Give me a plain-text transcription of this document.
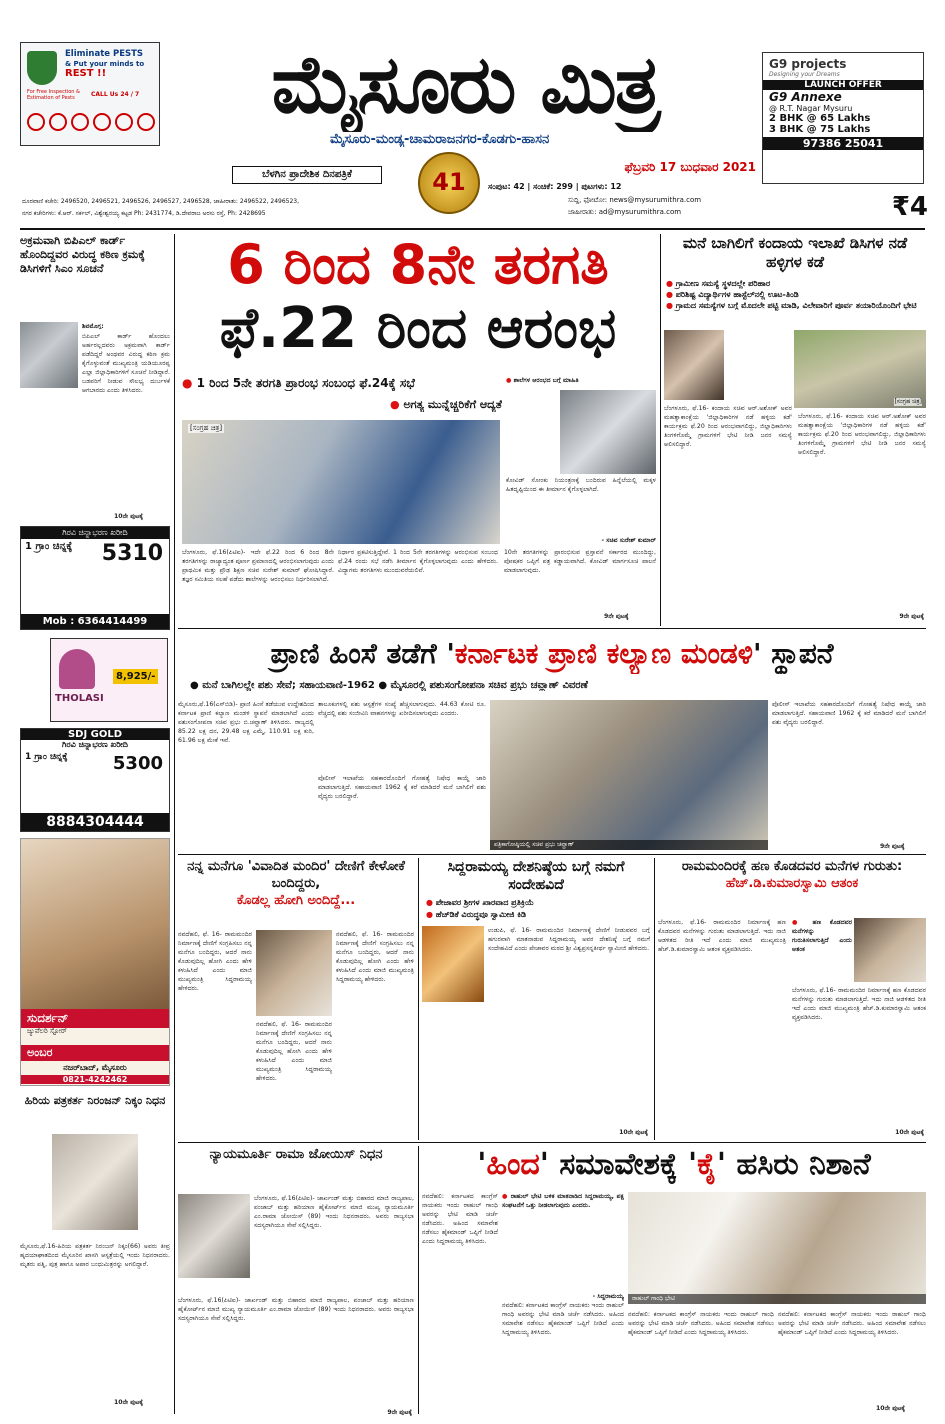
Eliminate PESTS
& Put your minds to
REST !!
For Free Inspection & Estimation of Pests	CALL Us 24 / 7	ಮೈಸೂರು ಮಿತ್ರ
ಮೈಸೂರು-ಮಂಡ್ಯ-ಚಾಮರಾಜನಗರ-ಕೊಡಗು-ಹಾಸನ
ಬೆಳಗಿನ ಪ್ರಾದೇಶಿಕ ದಿನಪತ್ರಿಕೆ
ಫೆಬ್ರವರಿ 17 ಬುಧವಾರ 2021
41
G9 projects
Designing your Dreams
LAUNCH OFFER
G9 Annexe
@ R.T. Nagar Mysuru
2 BHK @ 65 Lakhs
3 BHK @ 75 Lakhs
97386 25041
ಸಂಪುಟ: 42 | ಸಂಚಿಕೆ: 299 | ಪುಟಗಳು: 12
ಸುದ್ದಿ, ಫೋಟೋ: news@mysurumithra.com
ಜಾಹೀರಾತು: ad@mysurumithra.com	₹4
ದೂರವಾಣಿ ಕಚೇರಿ: 2496520, 2496521, 2496526, 2496527, 2496528, ಜಾಹೀರಾತು: 2496522, 2496523,
ನಗರ ಕಚೇರಿಗಳು: ಕೆ.ಆರ್. ಸರ್ಕಲ್, ವಿಶ್ವೇಶ್ವರಯ್ಯ ಕಟ್ಟಡ Ph: 2431774, ಡಿ.ದೇವರಾಜ ಅರಸು ರಸ್ತೆ, Ph: 2428695
ಅಕ್ರಮವಾಗಿ ಬಿಪಿಎಲ್ ಕಾರ್ಡ್ ಹೊಂದಿದ್ದವರ ವಿರುದ್ಧ ಕಠಿಣ ಕ್ರಮಕ್ಕೆ ಡಿಸಿಗಳಿಗೆ ಸಿಎಂ ಸೂಚನೆ
ಶಿವಮೊಗ್ಗ:
ಬಿಪಿಎಲ್ ಕಾರ್ಡ್ ಹೊಂದಲು ಅರ್ಹರಲ್ಲದವರು ಅಕ್ರಮವಾಗಿ ಕಾರ್ಡ್ ಪಡೆದಿದ್ದರೆ ಅಂಥವರ ವಿರುದ್ಧ ಕಠಿಣ ಕ್ರಮ ಕೈಗೊಳ್ಳುವಂತೆ ಮುಖ್ಯಮಂತ್ರಿ ಯಡಿಯೂರಪ್ಪ ಎಲ್ಲಾ ಜಿಲ್ಲಾಧಿಕಾರಿಗಳಿಗೆ ಸೂಚನೆ ನೀಡಿದ್ದಾರೆ. ಬಡವರಿಗೆ ನೀಡುವ ಸೌಲಭ್ಯ ದುರ್ಬಳಕೆ ಆಗಬಾರದು ಎಂದು ತಿಳಿಸಿದರು.
10ನೇ ಪುಟಕ್ಕೆ
ಗಿರವಿ ಚಿನ್ನಾಭರಣ ಖರೀದಿ
1 ಗ್ರಾಂ ಚಿನ್ನಕ್ಕೆ	5310
Mob : 6364414499
THOLASI
8,925/-
SDJ GOLD
ಗಿರವಿ ಚಿನ್ನಾಭರಣ ಖರೀದಿ
1 ಗ್ರಾಂ ಚಿನ್ನಕ್ಕೆ	5300
8884304444
ಸುದರ್ಶನ್
ಜ್ಯುವೆಲರಿ ಸ್ಟೋರ್
ಅಂಬರ
ನಜರ್‌ಬಾದ್, ಮೈಸೂರು
0821-4242462
ಹಿರಿಯ ಪತ್ರಕರ್ತ ನಿರಂಜನ್ ನಿಕ್ಕಂ ನಿಧನ
ಮೈಸೂರು,ಫೆ.16-ಹಿರಿಯ ಪತ್ರಕರ್ತ ನಿರಂಜನ್ ನಿಕ್ಕಂ(66) ಅವರು ತೀವ್ರ ಹೃದಯಾಘಾತದಿಂದ ಮೈಸೂರಿನ ಖಾಸಗಿ ಆಸ್ಪತ್ರೆಯಲ್ಲಿ ಇಂದು ನಿಧನರಾದರು. ಮೃತರು ಪತ್ನಿ, ಪುತ್ರ ಹಾಗೂ ಅಪಾರ ಬಂಧುಮಿತ್ರರನ್ನು ಅಗಲಿದ್ದಾರೆ.
10ನೇ ಪುಟಕ್ಕೆ
6 ರಿಂದ 8ನೇ ತರಗತಿ
ಫೆ.22 ರಿಂದ ಆರಂಭ
● 1 ರಿಂದ 5ನೇ ತರಗತಿ ಪ್ರಾರಂಭ ಸಂಬಂಧ ಫೆ.24ಕ್ಕೆ ಸಭೆ
● ಅಗತ್ಯ ಮುನ್ನೆಚ್ಚರಿಕೆಗೆ ಆದ್ಯತೆ
[ಸಂಗ್ರಹ ಚಿತ್ರ]
● ಶಾಲೆಗಳ ಆರಂಭದ ಬಗ್ಗೆ ಮಾಹಿತಿ
ಕೋವಿಡ್ ಸೋಂಕು ನಿಯಂತ್ರಣಕ್ಕೆ ಬಂದಿರುವ ಹಿನ್ನೆಲೆಯಲ್ಲಿ ಮಕ್ಕಳ ಹಿತದೃಷ್ಟಿಯಿಂದ ಈ ತೀರ್ಮಾನ ಕೈಗೊಳ್ಳಲಾಗಿದೆ.
- ಸಚಿವ ಸುರೇಶ್ ಕುಮಾರ್
ಬೆಂಗಳೂರು, ಫೆ.16(ಪಿಟಿಐ)- ಇದೇ ಫೆ.22 ರಿಂದ 6 ರಿಂದ 8ನೇ ತರಗತಿಗಳನ್ನು ರಾಜ್ಯಾದ್ಯಂತ ಪೂರ್ಣ ಪ್ರಮಾಣದಲ್ಲಿ ಆರಂಭಿಸಲಾಗುವುದು ಎಂದು ಪ್ರಾಥಮಿಕ ಮತ್ತು ಪ್ರೌಢ ಶಿಕ್ಷಣ ಸಚಿವ ಸುರೇಶ್ ಕುಮಾರ್ ಘೋಷಿಸಿದ್ದಾರೆ. ತಜ್ಞರ ಸಮಿತಿಯ ಸಲಹೆ ಪಡೆದು ಶಾಲೆಗಳನ್ನು ಆರಂಭಿಸಲು ನಿರ್ಧರಿಸಲಾಗಿದೆ.
ನಿರ್ಧಾರ ಪ್ರಕಟಿಸುತ್ತಿದ್ದೇವೆ. 1 ರಿಂದ 5ನೇ ತರಗತಿಗಳನ್ನು ಆರಂಭಿಸುವ ಸಂಬಂಧ ಫೆ.24 ರಂದು ಸಭೆ ನಡೆಸಿ ತೀರ್ಮಾನ ಕೈಗೊಳ್ಳಲಾಗುವುದು ಎಂದು ಹೇಳಿದರು. ವಿದ್ಯಾಗಮ ತರಗತಿಗಳು ಮುಂದುವರೆಯಲಿವೆ.
10ನೇ ತರಗತಿಗಳನ್ನು ಪ್ರಾರಂಭಿಸುವ ಪ್ರಸ್ತಾವನೆ ಸರ್ಕಾರದ ಮುಂದಿದ್ದು, ಪೋಷಕರ ಒಪ್ಪಿಗೆ ಪತ್ರ ಕಡ್ಡಾಯವಾಗಿದೆ. ಕೋವಿಡ್ ಮಾರ್ಗಸೂಚಿ ಪಾಲನೆ ಮಾಡಲಾಗುವುದು.
9ನೇ ಪುಟಕ್ಕೆ
ಮನೆ ಬಾಗಿಲಿಗೆ ಕಂದಾಯ ಇಲಾಖೆ ಡಿಸಿಗಳ ನಡೆ ಹಳ್ಳಿಗಳ ಕಡೆ
● ಗ್ರಾಮೀಣ ಸಮಸ್ಯೆ ಸ್ಥಳದಲ್ಲೇ ಪರಿಹಾರ
● ಪರಿಶಿಷ್ಟ ವಿದ್ಯಾರ್ಥಿಗಳ ಹಾಸ್ಟೆಲ್‌ನಲ್ಲಿ ಊಟ-ತಿಂಡಿ
● ಗ್ರಾಮದ ಸಮಸ್ಯೆಗಳ ಬಗ್ಗೆ ಮೊದಲೇ ಪಟ್ಟಿ ಮಾಡಿ, ವಿಲೇವಾರಿಗೆ ಪೂರ್ವ ತಯಾರಿಯೊಂದಿಗೆ ಭೇಟಿ
ಬೆಂಗಳೂರು, ಫೆ.16- ಕಂದಾಯ ಸಚಿವ ಆರ್.ಅಶೋಕ್ ಅವರ ಮಹತ್ವಾಕಾಂಕ್ಷೆಯ 'ಜಿಲ್ಲಾಧಿಕಾರಿಗಳ ನಡೆ ಹಳ್ಳಿಯ ಕಡೆ' ಕಾರ್ಯಕ್ರಮ ಫೆ.20 ರಿಂದ ಆರಂಭವಾಗಲಿದ್ದು, ಜಿಲ್ಲಾಧಿಕಾರಿಗಳು ತಿಂಗಳಿಗೊಮ್ಮೆ ಗ್ರಾಮಗಳಿಗೆ ಭೇಟಿ ನೀಡಿ ಜನರ ಸಮಸ್ಯೆ ಆಲಿಸಲಿದ್ದಾರೆ.
[ಸಂಗ್ರಹ ಚಿತ್ರ]
ಬೆಂಗಳೂರು, ಫೆ.16- ಕಂದಾಯ ಸಚಿವ ಆರ್.ಅಶೋಕ್ ಅವರ ಮಹತ್ವಾಕಾಂಕ್ಷೆಯ 'ಜಿಲ್ಲಾಧಿಕಾರಿಗಳ ನಡೆ ಹಳ್ಳಿಯ ಕಡೆ' ಕಾರ್ಯಕ್ರಮ ಫೆ.20 ರಿಂದ ಆರಂಭವಾಗಲಿದ್ದು, ಜಿಲ್ಲಾಧಿಕಾರಿಗಳು ತಿಂಗಳಿಗೊಮ್ಮೆ ಗ್ರಾಮಗಳಿಗೆ ಭೇಟಿ ನೀಡಿ ಜನರ ಸಮಸ್ಯೆ ಆಲಿಸಲಿದ್ದಾರೆ.
9ನೇ ಪುಟಕ್ಕೆ
ಪ್ರಾಣಿ ಹಿಂಸೆ ತಡೆಗೆ 'ಕರ್ನಾಟಕ ಪ್ರಾಣಿ ಕಲ್ಯಾಣ ಮಂಡಳಿ' ಸ್ಥಾಪನೆ
● ಮನೆ ಬಾಗಿಲಲ್ಲೇ ಪಶು ಸೇವೆ; ಸಹಾಯವಾಣಿ-1962 ● ಮೈಸೂರಲ್ಲಿ ಪಶುಸಂಗೋಪನಾ ಸಚಿವ ಪ್ರಭು ಚವ್ಹಾಣ್ ವಿವರಣೆ
ಮೈಸೂರು,ಫೆ.16(ಎಸ್‌ಬಿಡಿ)- ಪ್ರಾಣಿ ಹಿಂಸೆ ತಡೆಯುವ ಉದ್ದೇಶದಿಂದ ಕರ್ನಾಟಕ ಪ್ರಾಣಿ ಕಲ್ಯಾಣ ಮಂಡಳಿ ಸ್ಥಾಪನೆ ಮಾಡಲಾಗಿದೆ ಎಂದು ಪಶುಸಂಗೋಪನಾ ಸಚಿವ ಪ್ರಭು ಬಿ.ಚವ್ಹಾಣ್ ತಿಳಿಸಿದರು. ರಾಜ್ಯದಲ್ಲಿ 85.22 ಲಕ್ಷ ದನ, 29.48 ಲಕ್ಷ ಎಮ್ಮೆ, 110.91 ಲಕ್ಷ ಕುರಿ, 61.96 ಲಕ್ಷ ಮೇಕೆ ಇವೆ.
ತಾಲೂಕುಗಳಲ್ಲಿ ಪಶು ಆಸ್ಪತ್ರೆಗಳ ಸಂಖ್ಯೆ ಹೆಚ್ಚಿಸಲಾಗುವುದು. 44.63 ಕೋಟಿ ರೂ. ವೆಚ್ಚದಲ್ಲಿ ಪಶು ಸಂಜೀವಿನಿ ವಾಹನಗಳನ್ನು ಖರೀದಿಸಲಾಗುವುದು ಎಂದರು.
ಪೊಲೀಸ್ ಇಲಾಖೆಯ ಸಹಕಾರದೊಂದಿಗೆ ಗೋಹತ್ಯೆ ನಿಷೇಧ ಕಾಯ್ದೆ ಜಾರಿ ಮಾಡಲಾಗುತ್ತಿದೆ. ಸಹಾಯವಾಣಿ 1962 ಕ್ಕೆ ಕರೆ ಮಾಡಿದರೆ ಮನೆ ಬಾಗಿಲಿಗೆ ಪಶು ವೈದ್ಯರು ಬರಲಿದ್ದಾರೆ.
ಪತ್ರಿಕಾಗೋಷ್ಠಿಯಲ್ಲಿ ಸಚಿವ ಪ್ರಭು ಚವ್ಹಾಣ್
ಪೊಲೀಸ್ ಇಲಾಖೆಯ ಸಹಕಾರದೊಂದಿಗೆ ಗೋಹತ್ಯೆ ನಿಷೇಧ ಕಾಯ್ದೆ ಜಾರಿ ಮಾಡಲಾಗುತ್ತಿದೆ. ಸಹಾಯವಾಣಿ 1962 ಕ್ಕೆ ಕರೆ ಮಾಡಿದರೆ ಮನೆ ಬಾಗಿಲಿಗೆ ಪಶು ವೈದ್ಯರು ಬರಲಿದ್ದಾರೆ.
9ನೇ ಪುಟಕ್ಕೆ
ನನ್ನ ಮನೆಗೂ 'ವಿವಾದಿತ ಮಂದಿರ' ದೇಣಿಗೆ ಕೇಳೋಕೆ ಬಂದಿದ್ದರು,
ಕೊಡಲ್ಲ ಹೋಗಿ ಅಂದಿದ್ದೆ...
ನವದೆಹಲಿ, ಫೆ. 16- ರಾಮಮಂದಿರ ನಿರ್ಮಾಣಕ್ಕೆ ದೇಣಿಗೆ ಸಂಗ್ರಹಿಸಲು ನನ್ನ ಮನೆಗೂ ಬಂದಿದ್ದರು, ಆದರೆ ನಾನು ಕೊಡುವುದಿಲ್ಲ ಹೋಗಿ ಎಂದು ಹೇಳಿ ಕಳುಹಿಸಿದೆ ಎಂದು ಮಾಜಿ ಮುಖ್ಯಮಂತ್ರಿ ಸಿದ್ದರಾಮಯ್ಯ ಹೇಳಿದರು.
ನವದೆಹಲಿ, ಫೆ. 16- ರಾಮಮಂದಿರ ನಿರ್ಮಾಣಕ್ಕೆ ದೇಣಿಗೆ ಸಂಗ್ರಹಿಸಲು ನನ್ನ ಮನೆಗೂ ಬಂದಿದ್ದರು, ಆದರೆ ನಾನು ಕೊಡುವುದಿಲ್ಲ ಹೋಗಿ ಎಂದು ಹೇಳಿ ಕಳುಹಿಸಿದೆ ಎಂದು ಮಾಜಿ ಮುಖ್ಯಮಂತ್ರಿ ಸಿದ್ದರಾಮಯ್ಯ ಹೇಳಿದರು.
ನವದೆಹಲಿ, ಫೆ. 16- ರಾಮಮಂದಿರ ನಿರ್ಮಾಣಕ್ಕೆ ದೇಣಿಗೆ ಸಂಗ್ರಹಿಸಲು ನನ್ನ ಮನೆಗೂ ಬಂದಿದ್ದರು, ಆದರೆ ನಾನು ಕೊಡುವುದಿಲ್ಲ ಹೋಗಿ ಎಂದು ಹೇಳಿ ಕಳುಹಿಸಿದೆ ಎಂದು ಮಾಜಿ ಮುಖ್ಯಮಂತ್ರಿ ಸಿದ್ದರಾಮಯ್ಯ ಹೇಳಿದರು.
ಸಿದ್ದರಾಮಯ್ಯ ದೇಶನಿಷ್ಠೆಯ ಬಗ್ಗೆ ನಮಗೆ ಸಂದೇಹವಿದೆ
● ಪೇಜಾವರ ಶ್ರೀಗಳ ಖಾರವಾದ ಪ್ರತಿಕ್ರಿಯೆ
● ಹೆಚ್‌ಡಿಕೆ ವಿರುದ್ಧವೂ ಸ್ವಾಮೀಜಿ ಕಿಡಿ
ಉಡುಪಿ, ಫೆ. 16- ರಾಮಮಂದಿರ ನಿರ್ಮಾಣಕ್ಕೆ ದೇಣಿಗೆ ನೀಡುವವರ ಬಗ್ಗೆ ಹಗುರವಾಗಿ ಮಾತನಾಡುವ ಸಿದ್ದರಾಮಯ್ಯ ಅವರ ದೇಶನಿಷ್ಠೆ ಬಗ್ಗೆ ನಮಗೆ ಸಂದೇಹವಿದೆ ಎಂದು ಪೇಜಾವರ ಮಠದ ಶ್ರೀ ವಿಶ್ವಪ್ರಸನ್ನತೀರ್ಥ ಸ್ವಾಮೀಜಿ ಹೇಳಿದರು.
10ನೇ ಪುಟಕ್ಕೆ
ರಾಮಮಂದಿರಕ್ಕೆ ಹಣ ಕೊಡದವರ ಮನೆಗಳ ಗುರುತು:
ಹೆಚ್.ಡಿ.ಕುಮಾರಸ್ವಾಮಿ ಆತಂಕ
ಬೆಂಗಳೂರು, ಫೆ.16- ರಾಮಮಂದಿರ ನಿರ್ಮಾಣಕ್ಕೆ ಹಣ ಕೊಡದವರ ಮನೆಗಳನ್ನು ಗುರುತು ಮಾಡಲಾಗುತ್ತಿದೆ. ಇದು ನಾಜಿ ಆಡಳಿತದ ರೀತಿ ಇದೆ ಎಂದು ಮಾಜಿ ಮುಖ್ಯಮಂತ್ರಿ ಹೆಚ್.ಡಿ.ಕುಮಾರಸ್ವಾಮಿ ಆತಂಕ ವ್ಯಕ್ತಪಡಿಸಿದರು.
● ಹಣ ಕೊಡದವರ ಮನೆಗಳನ್ನು ಗುರುತಿಸಲಾಗುತ್ತಿದೆ ಎಂದು ಆತಂಕ
ಬೆಂಗಳೂರು, ಫೆ.16- ರಾಮಮಂದಿರ ನಿರ್ಮಾಣಕ್ಕೆ ಹಣ ಕೊಡದವರ ಮನೆಗಳನ್ನು ಗುರುತು ಮಾಡಲಾಗುತ್ತಿದೆ. ಇದು ನಾಜಿ ಆಡಳಿತದ ರೀತಿ ಇದೆ ಎಂದು ಮಾಜಿ ಮುಖ್ಯಮಂತ್ರಿ ಹೆಚ್.ಡಿ.ಕುಮಾರಸ್ವಾಮಿ ಆತಂಕ ವ್ಯಕ್ತಪಡಿಸಿದರು.
10ನೇ ಪುಟಕ್ಕೆ
ನ್ಯಾಯಮೂರ್ತಿ ರಾಮಾ ಜೋಯಿಸ್ ನಿಧನ
ಬೆಂಗಳೂರು, ಫೆ.16(ಪಿಟಿಐ)- ಜಾರ್ಖಂಡ್ ಮತ್ತು ಬಿಹಾರದ ಮಾಜಿ ರಾಜ್ಯಪಾಲ, ಪಂಜಾಬ್ ಮತ್ತು ಹರಿಯಾಣ ಹೈಕೋರ್ಟ್‌ನ ಮಾಜಿ ಮುಖ್ಯ ನ್ಯಾಯಮೂರ್ತಿ ಎಂ.ರಾಮಾ ಜೋಯಿಸ್ (89) ಇಂದು ನಿಧನರಾದರು. ಅವರು ರಾಜ್ಯಸಭಾ ಸದಸ್ಯರಾಗಿಯೂ ಸೇವೆ ಸಲ್ಲಿಸಿದ್ದರು.
ಬೆಂಗಳೂರು, ಫೆ.16(ಪಿಟಿಐ)- ಜಾರ್ಖಂಡ್ ಮತ್ತು ಬಿಹಾರದ ಮಾಜಿ ರಾಜ್ಯಪಾಲ, ಪಂಜಾಬ್ ಮತ್ತು ಹರಿಯಾಣ ಹೈಕೋರ್ಟ್‌ನ ಮಾಜಿ ಮುಖ್ಯ ನ್ಯಾಯಮೂರ್ತಿ ಎಂ.ರಾಮಾ ಜೋಯಿಸ್ (89) ಇಂದು ನಿಧನರಾದರು. ಅವರು ರಾಜ್ಯಸಭಾ ಸದಸ್ಯರಾಗಿಯೂ ಸೇವೆ ಸಲ್ಲಿಸಿದ್ದರು.
9ನೇ ಪುಟಕ್ಕೆ
'ಹಿಂದ' ಸಮಾವೇಶಕ್ಕೆ 'ಕೈ' ಹಸಿರು ನಿಶಾನೆ
ನವದೆಹಲಿ: ಕರ್ನಾಟಕದ ಕಾಂಗ್ರೆಸ್ ನಾಯಕರು ಇಂದು ರಾಹುಲ್ ಗಾಂಧಿ ಅವರನ್ನು ಭೇಟಿ ಮಾಡಿ ಚರ್ಚೆ ನಡೆಸಿದರು. ಅಹಿಂದ ಸಮಾವೇಶ ನಡೆಸಲು ಹೈಕಮಾಂಡ್ ಒಪ್ಪಿಗೆ ನೀಡಿದೆ ಎಂದು ಸಿದ್ದರಾಮಯ್ಯ ತಿಳಿಸಿದರು.
● ರಾಹುಲ್ ಭೇಟಿ ಬಳಿಕ ಮಾತನಾಡಿದ ಸಿದ್ದರಾಮಯ್ಯ, ಪಕ್ಷ ಸಂಘಟನೆಗೆ ಒತ್ತು ನೀಡಲಾಗುವುದು ಎಂದರು.
- ಸಿದ್ದರಾಮಯ್ಯ
ನವದೆಹಲಿ: ಕರ್ನಾಟಕದ ಕಾಂಗ್ರೆಸ್ ನಾಯಕರು ಇಂದು ರಾಹುಲ್ ಗಾಂಧಿ ಅವರನ್ನು ಭೇಟಿ ಮಾಡಿ ಚರ್ಚೆ ನಡೆಸಿದರು. ಅಹಿಂದ ಸಮಾವೇಶ ನಡೆಸಲು ಹೈಕಮಾಂಡ್ ಒಪ್ಪಿಗೆ ನೀಡಿದೆ ಎಂದು ಸಿದ್ದರಾಮಯ್ಯ ತಿಳಿಸಿದರು.
ರಾಹುಲ್ ಗಾಂಧಿ ಭೇಟಿ
ನವದೆಹಲಿ: ಕರ್ನಾಟಕದ ಕಾಂಗ್ರೆಸ್ ನಾಯಕರು ಇಂದು ರಾಹುಲ್ ಗಾಂಧಿ ಅವರನ್ನು ಭೇಟಿ ಮಾಡಿ ಚರ್ಚೆ ನಡೆಸಿದರು. ಅಹಿಂದ ಸಮಾವೇಶ ನಡೆಸಲು ಹೈಕಮಾಂಡ್ ಒಪ್ಪಿಗೆ ನೀಡಿದೆ ಎಂದು ಸಿದ್ದರಾಮಯ್ಯ ತಿಳಿಸಿದರು.
ನವದೆಹಲಿ: ಕರ್ನಾಟಕದ ಕಾಂಗ್ರೆಸ್ ನಾಯಕರು ಇಂದು ರಾಹುಲ್ ಗಾಂಧಿ ಅವರನ್ನು ಭೇಟಿ ಮಾಡಿ ಚರ್ಚೆ ನಡೆಸಿದರು. ಅಹಿಂದ ಸಮಾವೇಶ ನಡೆಸಲು ಹೈಕಮಾಂಡ್ ಒಪ್ಪಿಗೆ ನೀಡಿದೆ ಎಂದು ಸಿದ್ದರಾಮಯ್ಯ ತಿಳಿಸಿದರು.
10ನೇ ಪುಟಕ್ಕೆ
